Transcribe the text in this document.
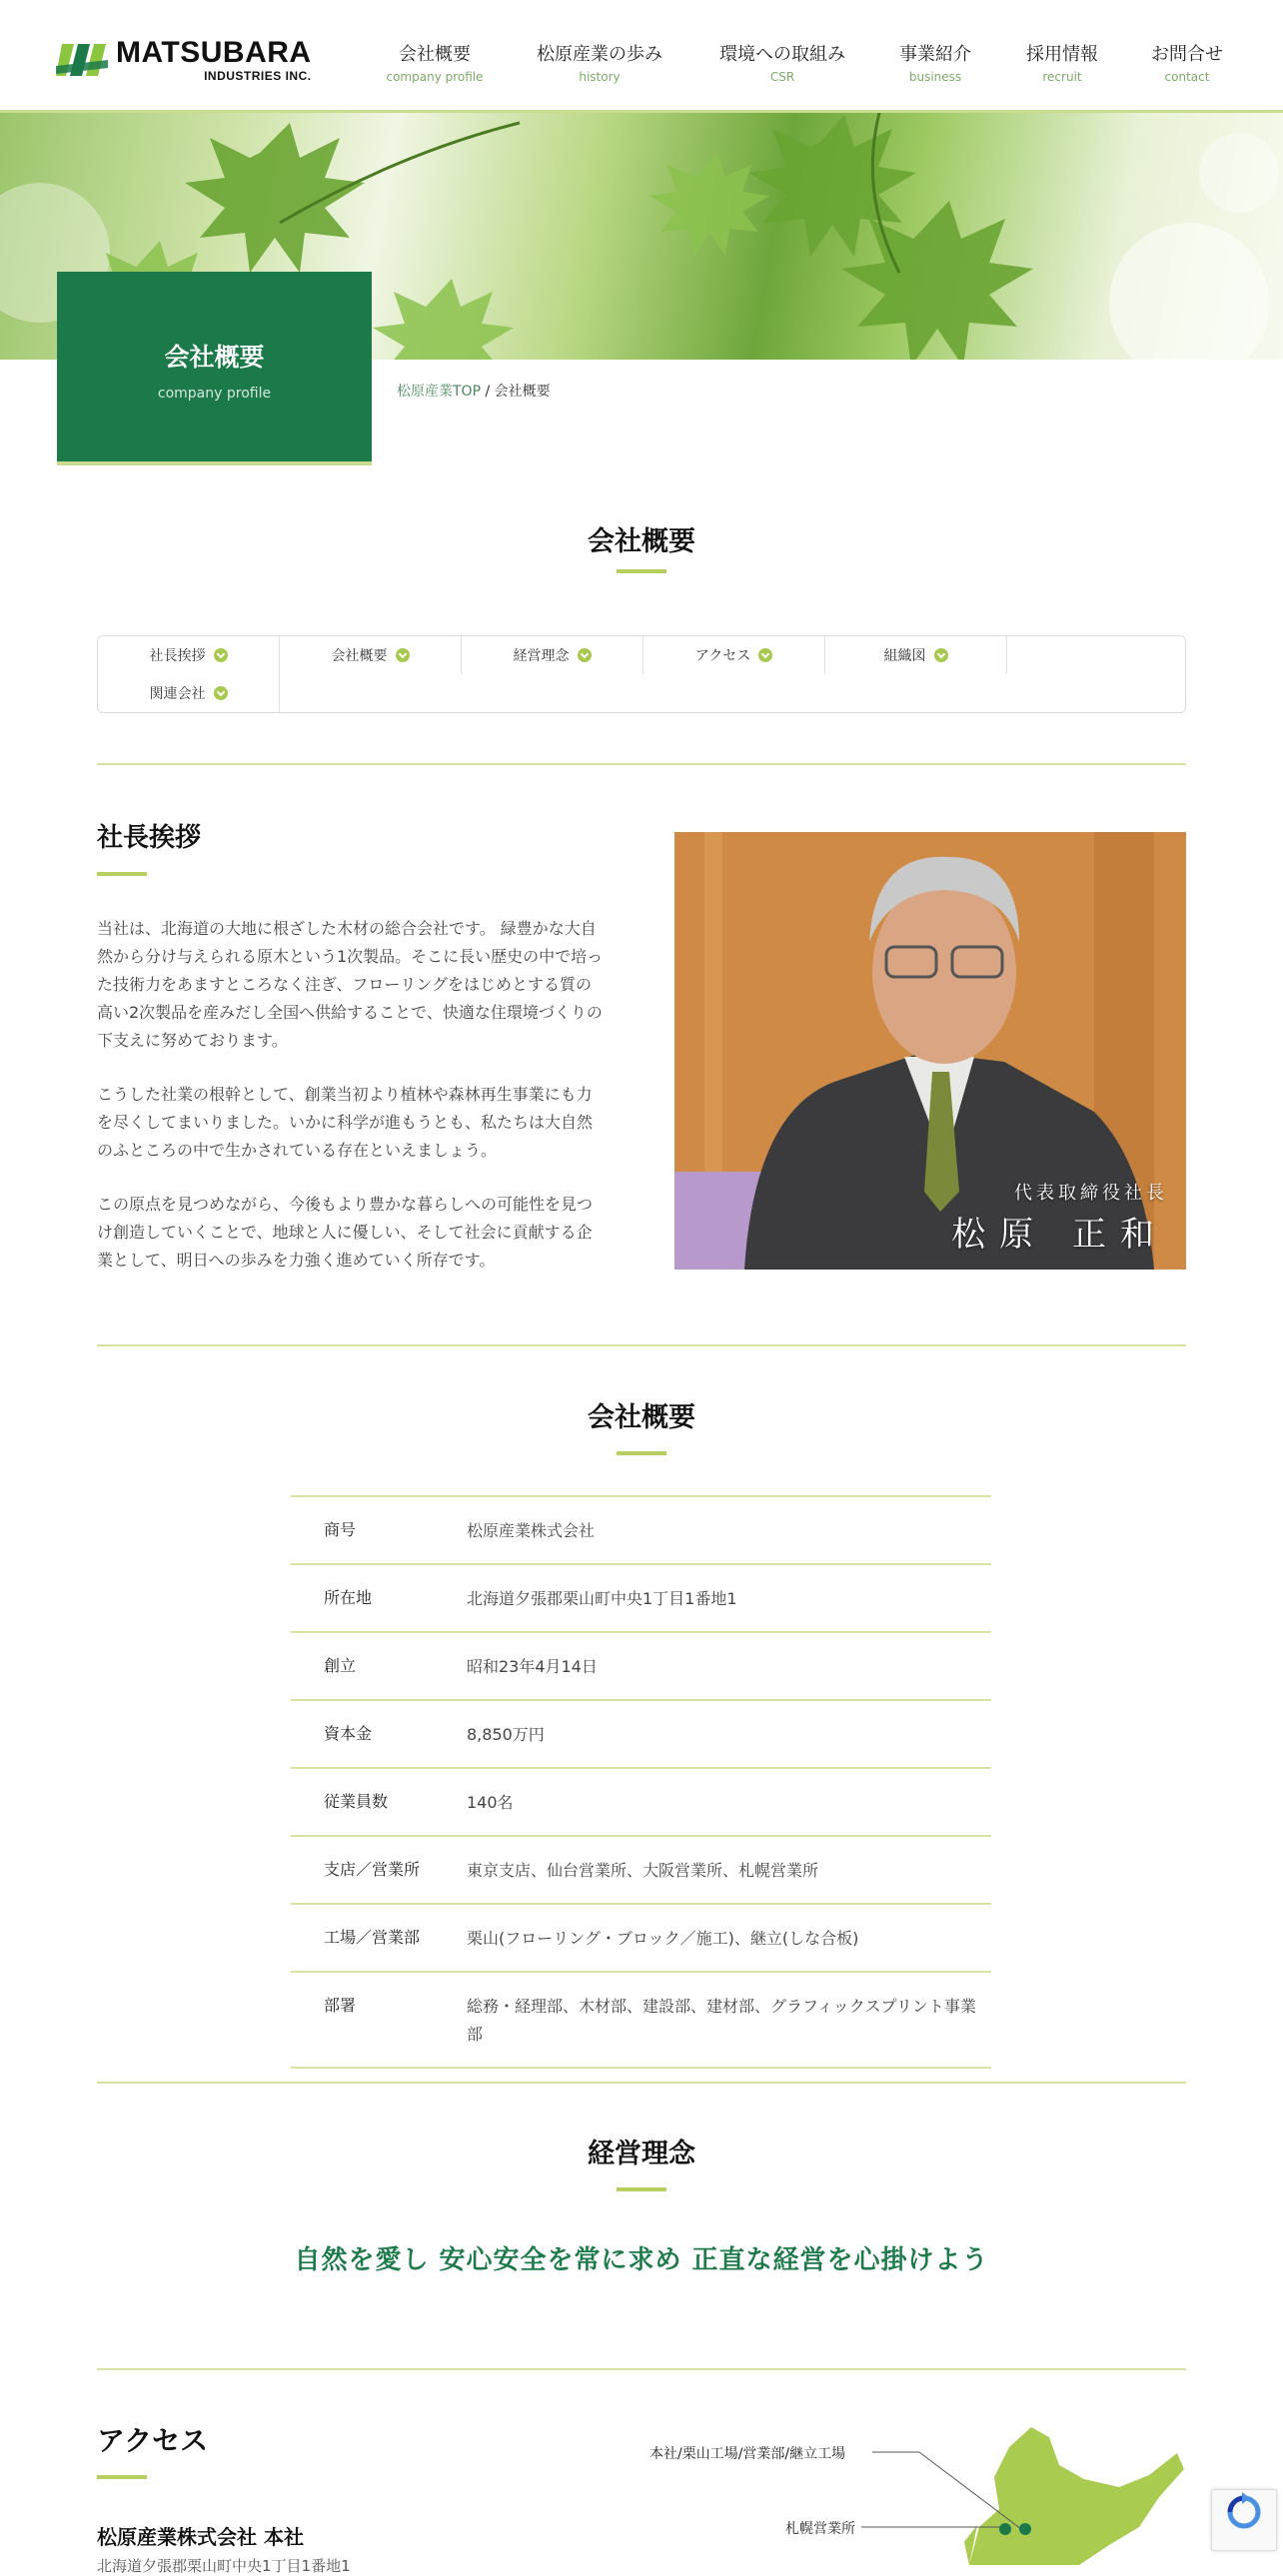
MATSUBARA
INDUSTRIES INC.
会社概要
company profile
松原産業の歩み
history
環境への取組み
CSR
事業紹介
business
採用情報
recruit
お問合せ
contact
会社概要

company profile	松原産業TOP / 会社概要
会社概要
社長挨拶	会社概要	経営理念	アクセス	組織図
関連会社
社長挨拶

当社は、北海道の大地に根ざした木材の総合会社です。 緑豊かな大自然から分け与えられる原木という1次製品。そこに長い歴史の中で培った技術力をあますところなく注ぎ、フローリングをはじめとする質の高い2次製品を産みだし全国へ供給することで、快適な住環境づくりの下支えに努めております。

こうした社業の根幹として、創業当初より植林や森林再生事業にも力を尽くしてまいりました。いかに科学が進もうとも、私たちは大自然のふところの中で生かされている存在といえましょう。

この原点を見つめながら、今後もより豊かな暮らしへの可能性を見つけ創造していくことで、地球と人に優しい、そして社会に貢献する企業として、明日への歩みを力強く進めていく所存です。

代表取締役社長
松原 正和
会社概要
商号	松原産業株式会社
所在地	北海道夕張郡栗山町中央1丁目1番地1
創立	昭和23年4月14日
資本金	8,850万円
従業員数	140名
支店／営業所	東京支店、仙台営業所、大阪営業所、札幌営業所
工場／営業部	栗山(フローリング・ブロック／施工)、継立(しな合板)
部署	総務・経理部、木材部、建設部、建材部、グラフィックスプリント事業部
経営理念
自然を愛し 安心安全を常に求め 正直な経営を心掛けよう
アクセス
松原産業株式会社 本社
北海道夕張郡栗山町中央1丁目1番地1
本社/栗山工場/営業部/継立工場
札幌営業所
